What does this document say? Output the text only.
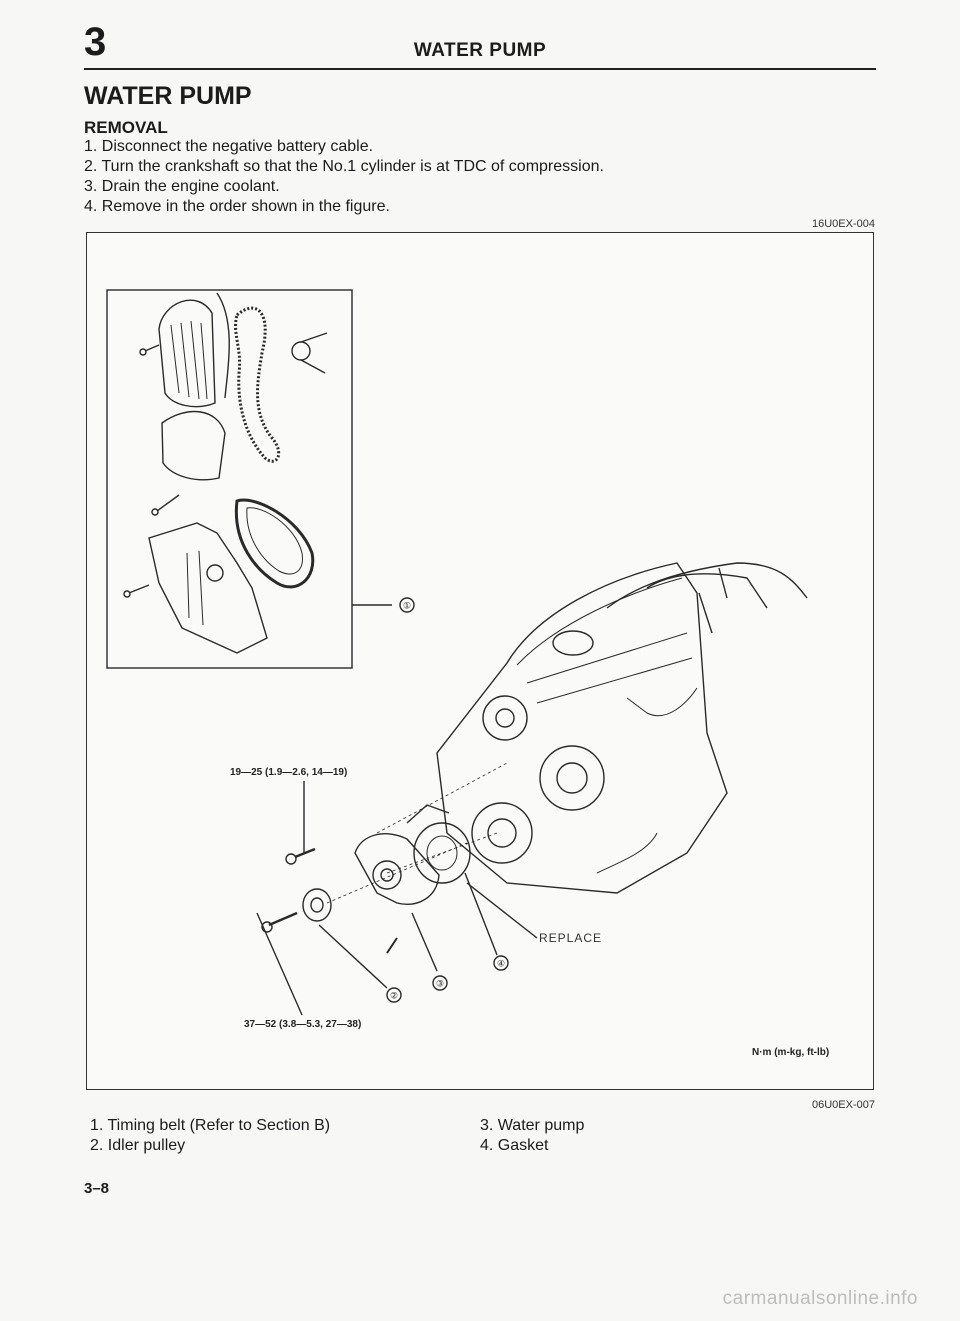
3	WATER PUMP
WATER PUMP
REMOVAL
1. Disconnect the negative battery cable.
2. Turn the crankshaft so that the No.1 cylinder is at TDC of compression.
3. Drain the engine coolant.
4. Remove in the order shown in the figure.
16U0EX-004
①
②
③
④
19—25 (1.9—2.6, 14—19)
37—52 (3.8—5.3, 27—38)
REPLACE
N·m (m-kg, ft-lb)
06U0EX-007
1. Timing belt (Refer to Section B)
2. Idler pulley
3. Water pump
4. Gasket
3–8
carmanualsonline.info
